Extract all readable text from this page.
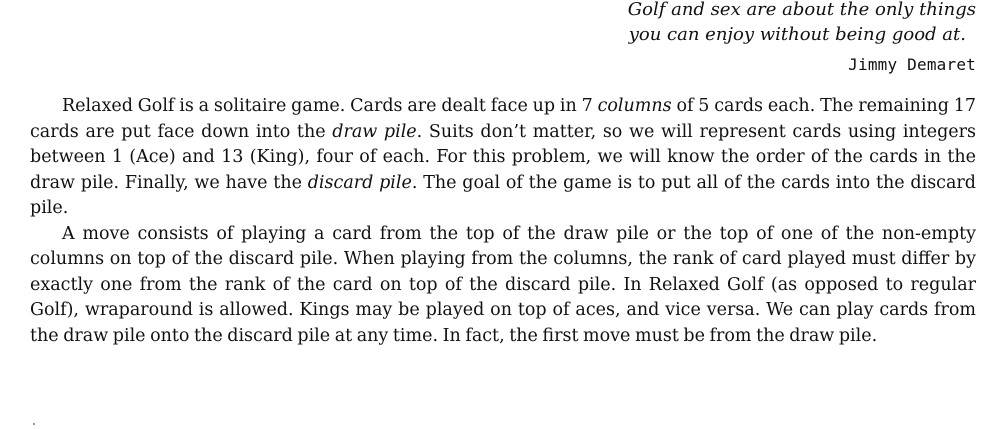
Golf and sex are about the only things
you can enjoy without being good at.
Jimmy Demaret

Relaxed Golf is a solitaire game. Cards are dealt face up in 7 columns of 5 cards each. The remaining 17 cards are put face down into the draw pile. Suits don’t matter, so we will represent cards using integers between 1 (Ace) and 13 (King), four of each. For this problem, we will know the order of the cards in the draw pile. Finally, we have the discard pile. The goal of the game is to put all of the cards into the discard pile.

A move consists of playing a card from the top of the draw pile or the top of one of the non-empty columns on top of the discard pile. When playing from the columns, the rank of card played must differ by exactly one from the rank of the card on top of the discard pile. In Relaxed Golf (as opposed to regular Golf), wraparound is allowed. Kings may be played on top of aces, and vice versa. We can play cards from the draw pile onto the discard pile at any time. In fact, the first move must be from the draw pile.
